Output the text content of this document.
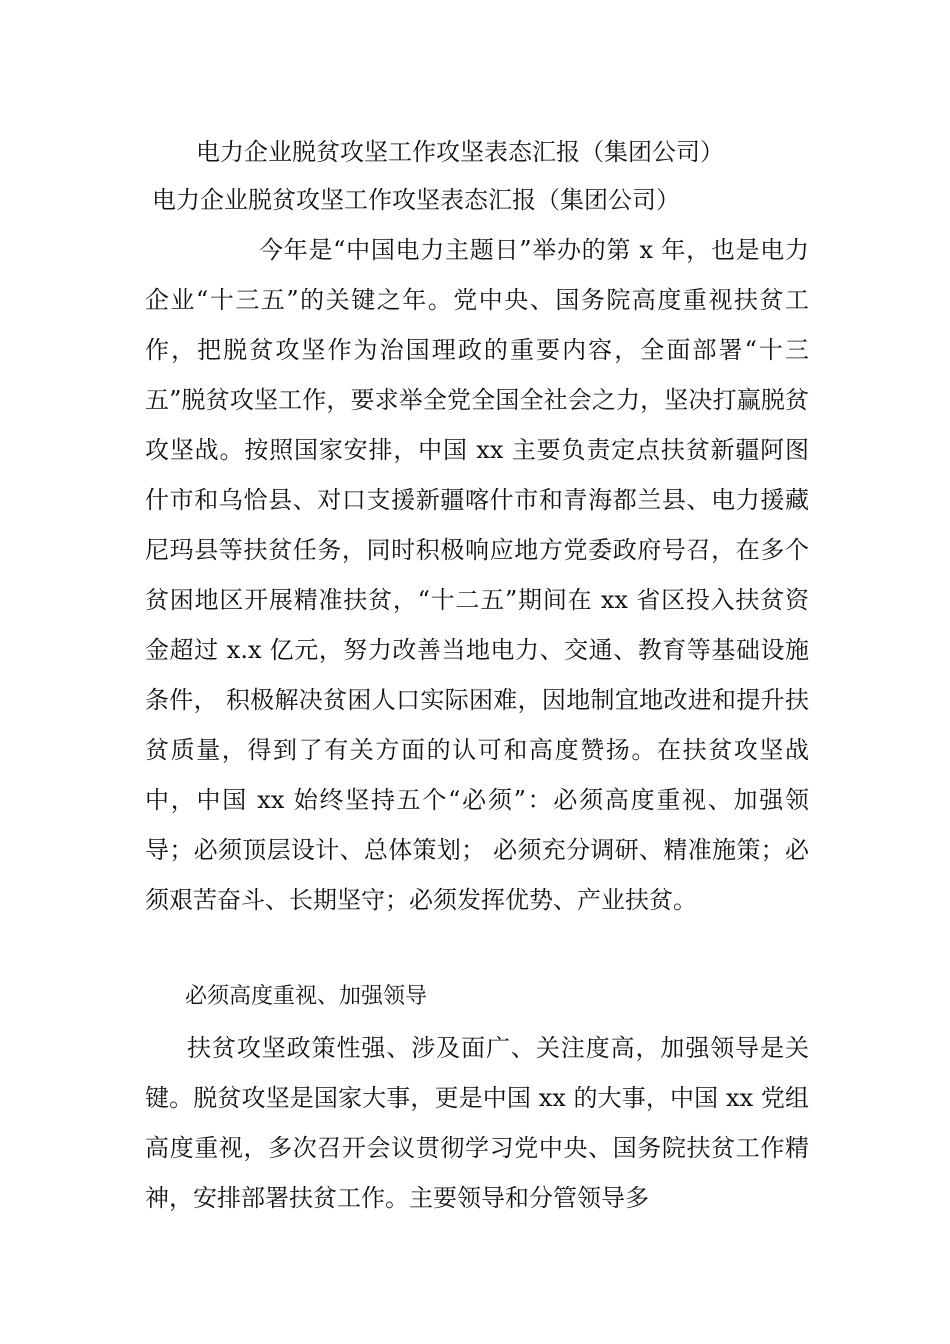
电力企业脱贫攻坚工作攻坚表态汇报（集团公司）
电力企业脱贫攻坚工作攻坚表态汇报（集团公司）
今年是“中国电力主题日”举办的第 x 年，也是电力企业“十三五”的关键之年。党中央、国务院高度重视扶贫工作，把脱贫攻坚作为治国理政的重要内容，全面部署“十三五”脱贫攻坚工作，要求举全党全国全社会之力，坚决打赢脱贫攻坚战。按照国家安排，中国 xx 主要负责定点扶贫新疆阿图什市和乌恰县、对口支援新疆喀什市和青海都兰县、电力援藏尼玛县等扶贫任务，同时积极响应地方党委政府号召，在多个贫困地区开展精准扶贫，“十二五”期间在 xx 省区投入扶贫资金超过 x.x 亿元，努力改善当地电力、交通、教育等基础设施条件， 积极解决贫困人口实际困难，因地制宜地改进和提升扶贫质量，得到了有关方面的认可和高度赞扬。在扶贫攻坚战中，中国 xx 始终坚持五个“必须”：必须高度重视、加强领导；必须顶层设计、总体策划； 必须充分调研、精准施策；必须艰苦奋斗、长期坚守；必须发挥优势、产业扶贫。
必须高度重视、加强领导
扶贫攻坚政策性强、涉及面广、关注度高，加强领导是关键。脱贫攻坚是国家大事，更是中国 xx 的大事，中国 xx 党组高度重视，多次召开会议贯彻学习党中央、国务院扶贫工作精神，安排部署扶贫工作。主要领导和分管领导多
